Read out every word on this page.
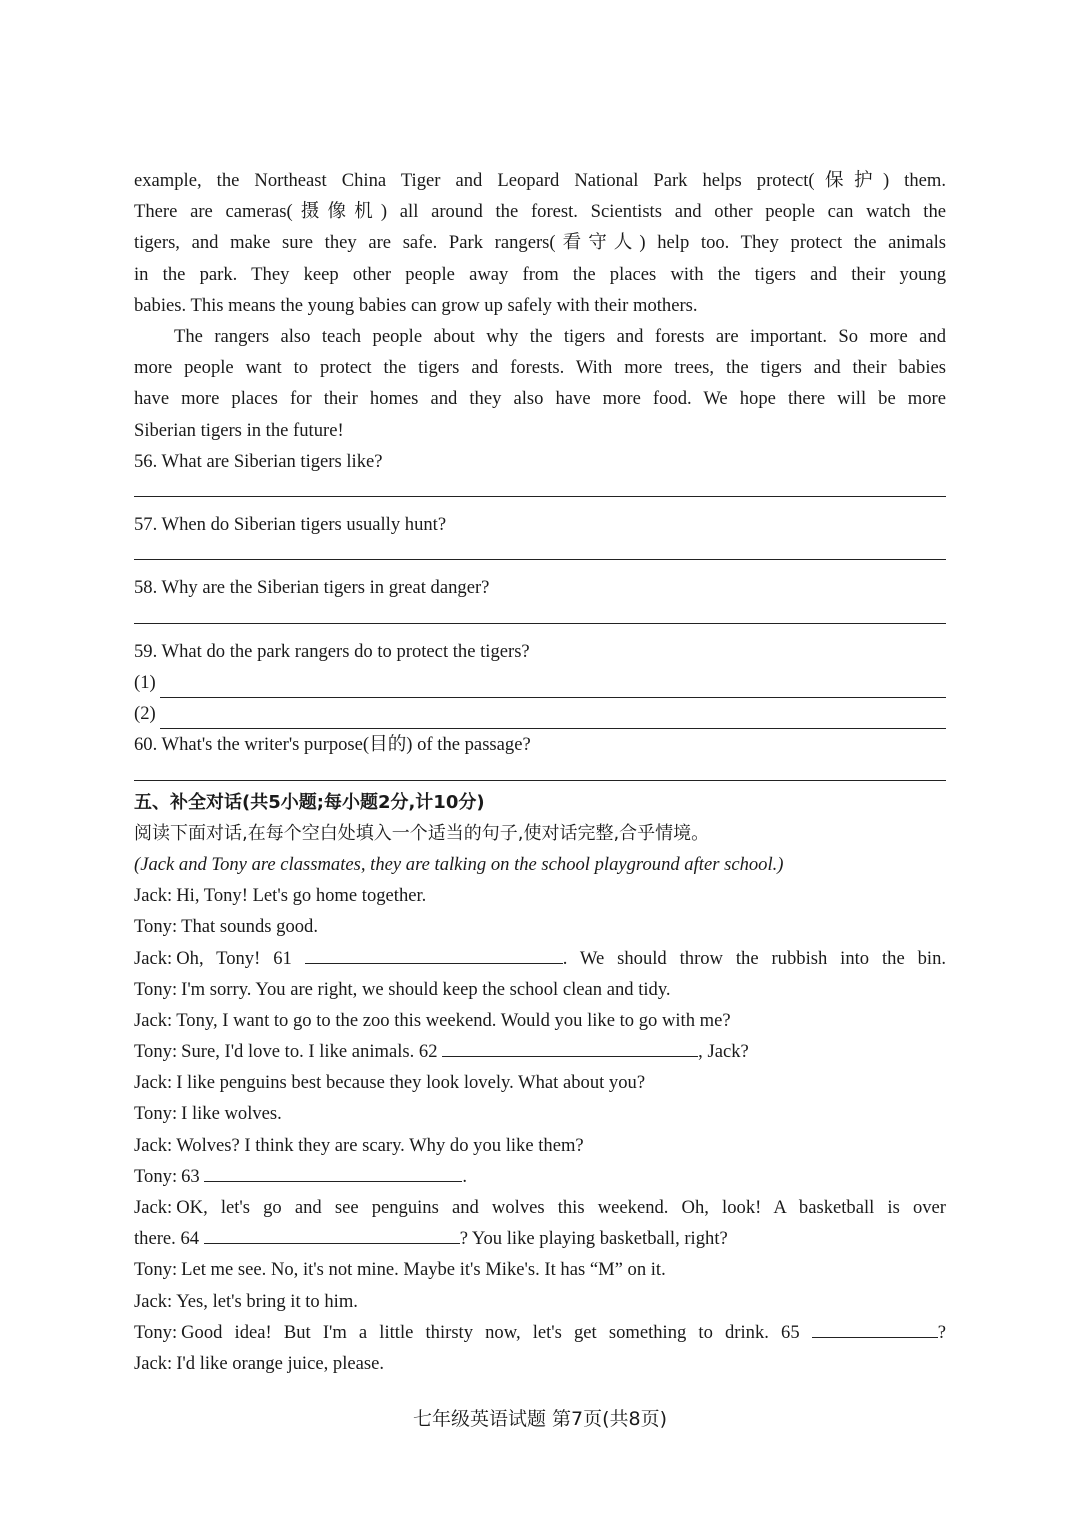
example, the Northeast China Tiger and Leopard National Park helps protect(保护) them.
There are cameras(摄像机) all around the forest. Scientists and other people can watch the
tigers, and make sure they are safe. Park rangers(看守人) help too. They protect the animals
in the park. They keep other people away from the places with the tigers and their young
babies. This means the young babies can grow up safely with their mothers.
The rangers also teach people about why the tigers and forests are important. So more and
more people want to protect the tigers and forests. With more trees, the tigers and their babies
have more places for their homes and they also have more food. We hope there will be more
Siberian tigers in the future!
56. What are Siberian tigers like?
57. When do Siberian tigers usually hunt?
58. Why are the Siberian tigers in great danger?
59. What do the park rangers do to protect the tigers?
(1)
(2)
60. What's the writer's purpose(目的) of the passage?
五、补全对话(共5小题;每小题2分,计10分)
阅读下面对话,在每个空白处填入一个适当的句子,使对话完整,合乎情境。
(Jack and Tony are classmates, they are talking on the school playground after school.)
Jack: Hi, Tony! Let's go home together.
Tony: That sounds good.
Jack: Oh, Tony! 61	. We should throw the rubbish into the bin.
Tony: I'm sorry. You are right, we should keep the school clean and tidy.
Jack: Tony, I want to go to the zoo this weekend. Would you like to go with me?
Tony: Sure, I'd love to. I like animals. 62	, Jack?
Jack: I like penguins best because they look lovely. What about you?
Tony: I like wolves.
Jack: Wolves? I think they are scary. Why do you like them?
Tony: 63	.
Jack: OK, let's go and see penguins and wolves this weekend. Oh, look! A basketball is over
there. 64	? You like playing basketball, right?
Tony: Let me see. No, it's not mine. Maybe it's Mike's. It has “M” on it.
Jack: Yes, let's bring it to him.
Tony: Good idea! But I'm a little thirsty now, let's get something to drink. 65	?
Jack: I'd like orange juice, please.
七年级英语试题 第7页(共8页)
